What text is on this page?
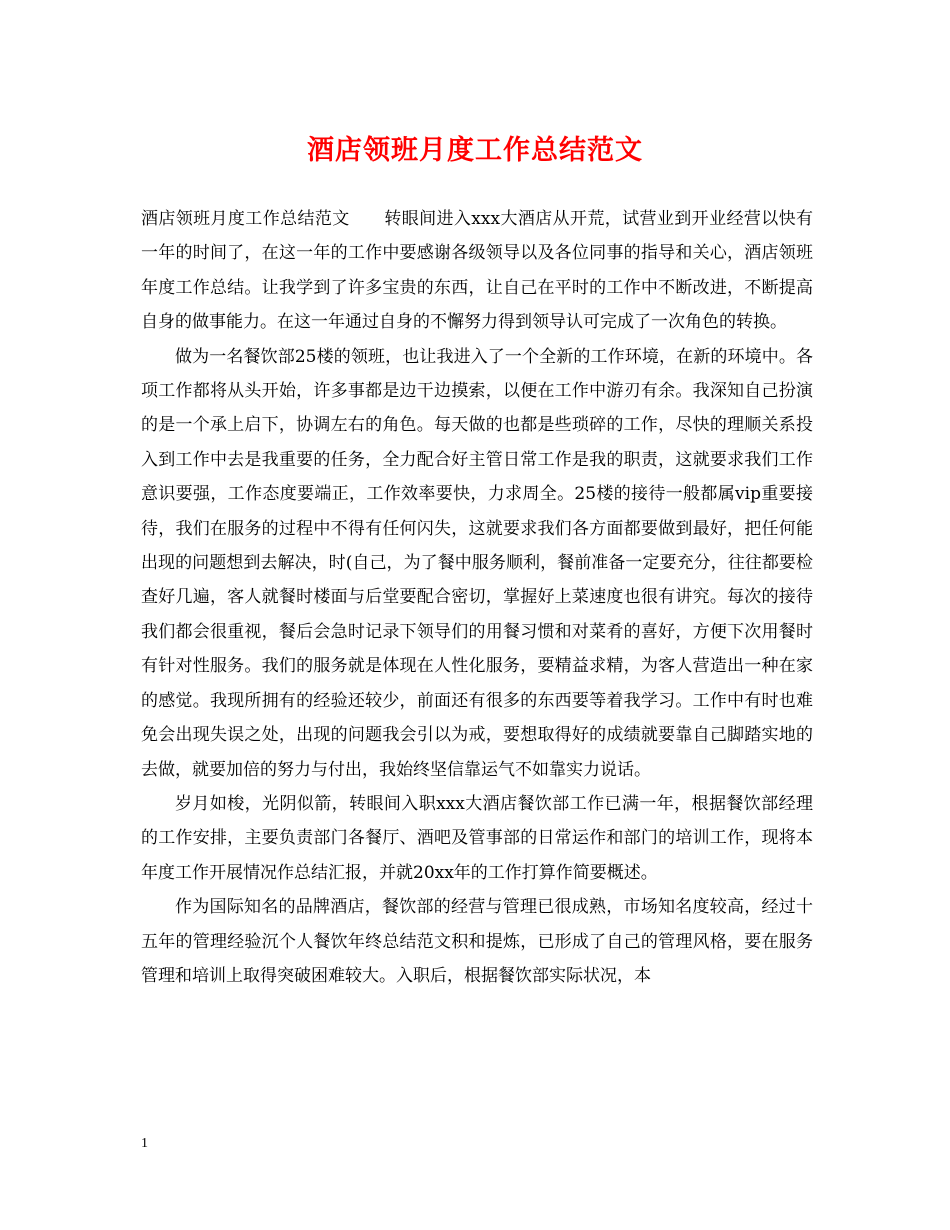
酒店领班月度工作总结范文

酒店领班月度工作总结范文　　转眼间进入xxx大酒店从开荒，试营业到开业经营以快有一年的时间了，在这一年的工作中要感谢各级领导以及各位同事的指导和关心，酒店领班年度工作总结。让我学到了许多宝贵的东西，让自己在平时的工作中不断改进，不断提高自身的做事能力。在这一年通过自身的不懈努力得到领导认可完成了一次角色的转换。

做为一名餐饮部25楼的领班，也让我进入了一个全新的工作环境，在新的环境中。各项工作都将从头开始，许多事都是边干边摸索，以便在工作中游刃有余。我深知自己扮演的是一个承上启下，协调左右的角色。每天做的也都是些琐碎的工作，尽快的理顺关系投入到工作中去是我重要的任务，全力配合好主管日常工作是我的职责，这就要求我们工作意识要强，工作态度要端正，工作效率要快，力求周全。25楼的接待一般都属vip重要接待，我们在服务的过程中不得有任何闪失，这就要求我们各方面都要做到最好，把任何能出现的问题想到去解决，时(自己，为了餐中服务顺利，餐前准备一定要充分，往往都要检查好几遍，客人就餐时楼面与后堂要配合密切，掌握好上菜速度也很有讲究。每次的接待我们都会很重视，餐后会急时记录下领导们的用餐习惯和对菜肴的喜好，方便下次用餐时有针对性服务。我们的服务就是体现在人性化服务，要精益求精，为客人营造出一种在家的感觉。我现所拥有的经验还较少，前面还有很多的东西要等着我学习。工作中有时也难免会出现失误之处，出现的问题我会引以为戒，要想取得好的成绩就要靠自己脚踏实地的去做，就要加倍的努力与付出，我始终坚信靠运气不如靠实力说话。

岁月如梭，光阴似箭，转眼间入职xxx大酒店餐饮部工作已满一年，根据餐饮部经理的工作安排，主要负责部门各餐厅、酒吧及管事部的日常运作和部门的培训工作，现将本年度工作开展情况作总结汇报，并就20xx年的工作打算作简要概述。

作为国际知名的品牌酒店，餐饮部的经营与管理已很成熟，市场知名度较高，经过十五年的管理经验沉个人餐饮年终总结范文积和提炼，已形成了自己的管理风格，要在服务管理和培训上取得突破困难较大。入职后，根据餐饮部实际状况，本

1
